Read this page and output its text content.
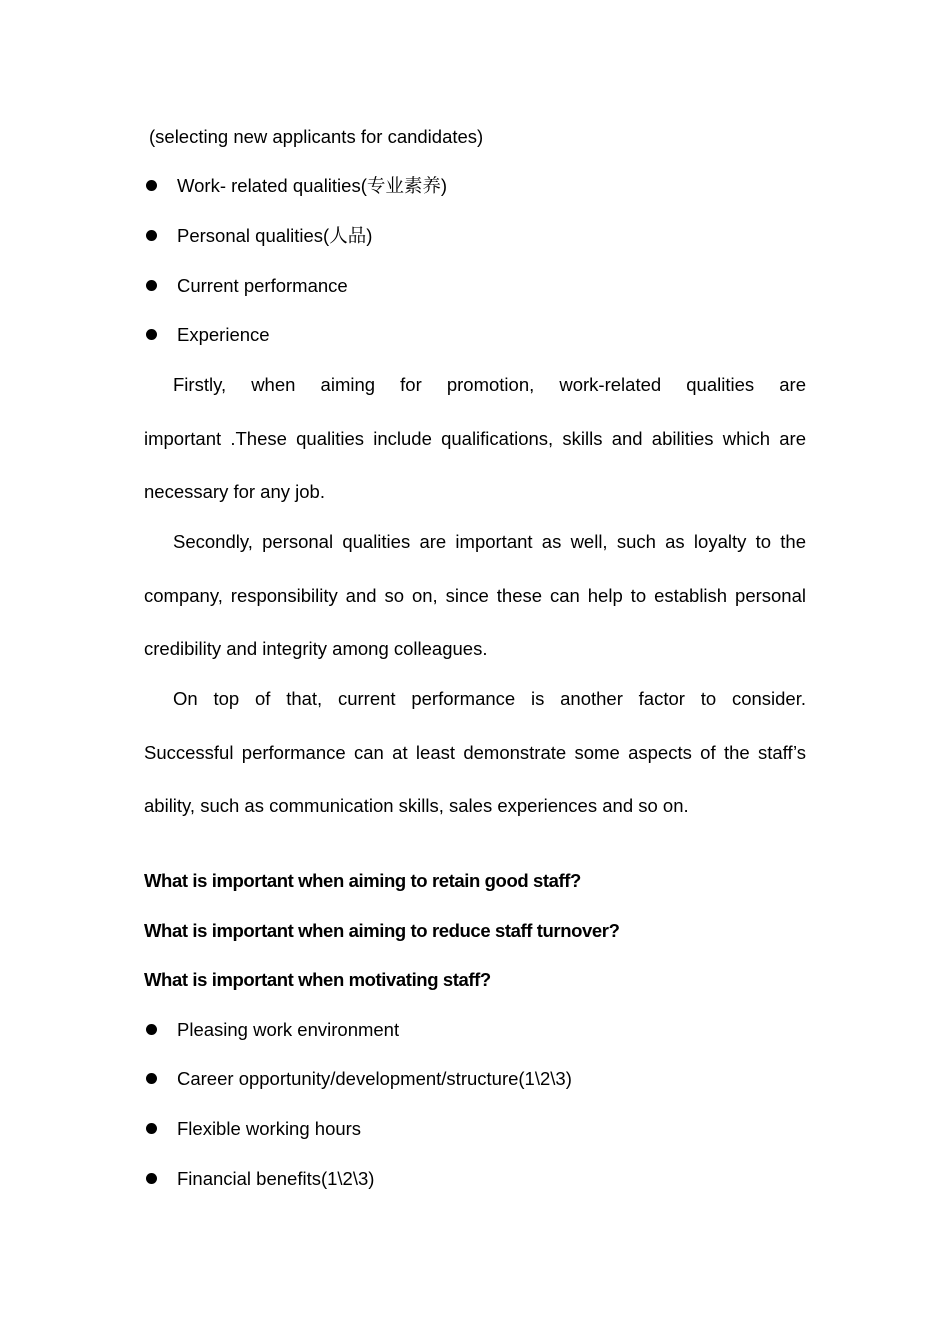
(selecting new applicants for candidates)
Work- related qualities(专业素养)
Personal qualities(人品)
Current performance
Experience
Firstly, when aiming for promotion, work-related qualities are
important .These qualities include qualifications, skills and abilities which are
necessary for any job.
Secondly, personal qualities are important as well, such as loyalty to the
company, responsibility and so on, since these can help to establish personal
credibility and integrity among colleagues.
On top of that, current performance is another factor to consider.
Successful performance can at least demonstrate some aspects of the staff’s
ability, such as communication skills, sales experiences and so on.
What is important when aiming to retain good staff?
What is important when aiming to reduce staff turnover?
What is important when motivating staff?
Pleasing work environment
Career opportunity/development/structure(1\2\3)
Flexible working hours
Financial benefits(1\2\3)
